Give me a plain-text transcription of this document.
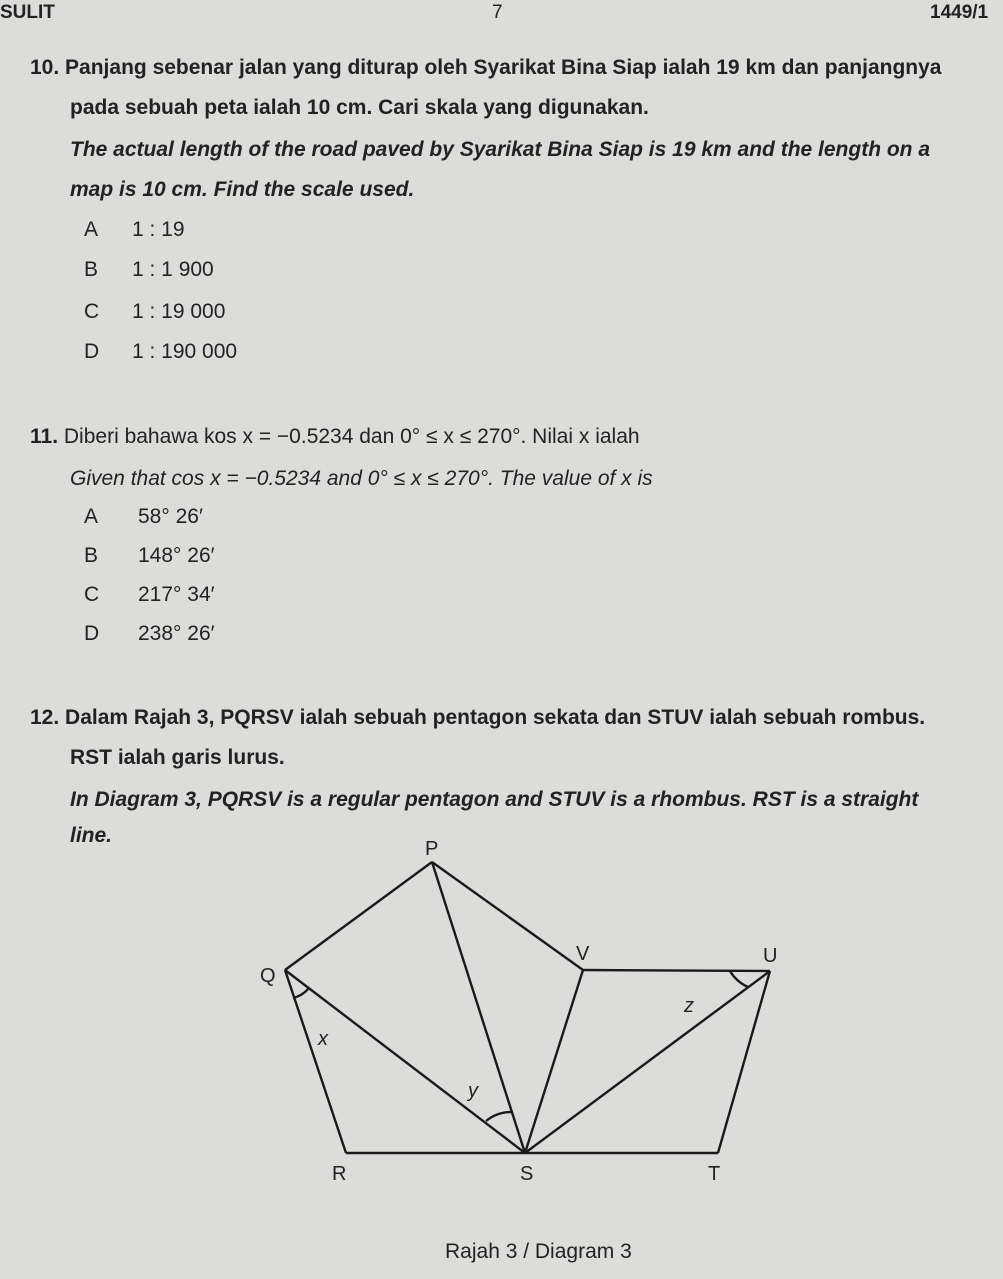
SULIT	7	1449/1
10. Panjang sebenar jalan yang diturap oleh Syarikat Bina Siap ialah 19 km dan panjangnya
pada sebuah peta ialah 10 cm. Cari skala yang digunakan.
The actual length of the road paved by Syarikat Bina Siap is 19 km and the length on a
map is 10 cm. Find the scale used.
A 1 : 19
B 1 : 1 900
C 1 : 19 000
D 1 : 190 000
11. Diberi bahawa kos x = −0.5234 dan 0° ≤ x ≤ 270°. Nilai x ialah
Given that cos x = −0.5234 and 0° ≤ x ≤ 270°. The value of x is
A 58° 26′
B 148° 26′
C 217° 34′
D 238° 26′
12. Dalam Rajah 3, PQRSV ialah sebuah pentagon sekata dan STUV ialah sebuah rombus.
RST ialah garis lurus.
In Diagram 3, PQRSV is a regular pentagon and STUV is a rhombus. RST is a straight
line.
P
Q
R	S	T
U
V
x
y
z
Rajah 3 / Diagram 3
